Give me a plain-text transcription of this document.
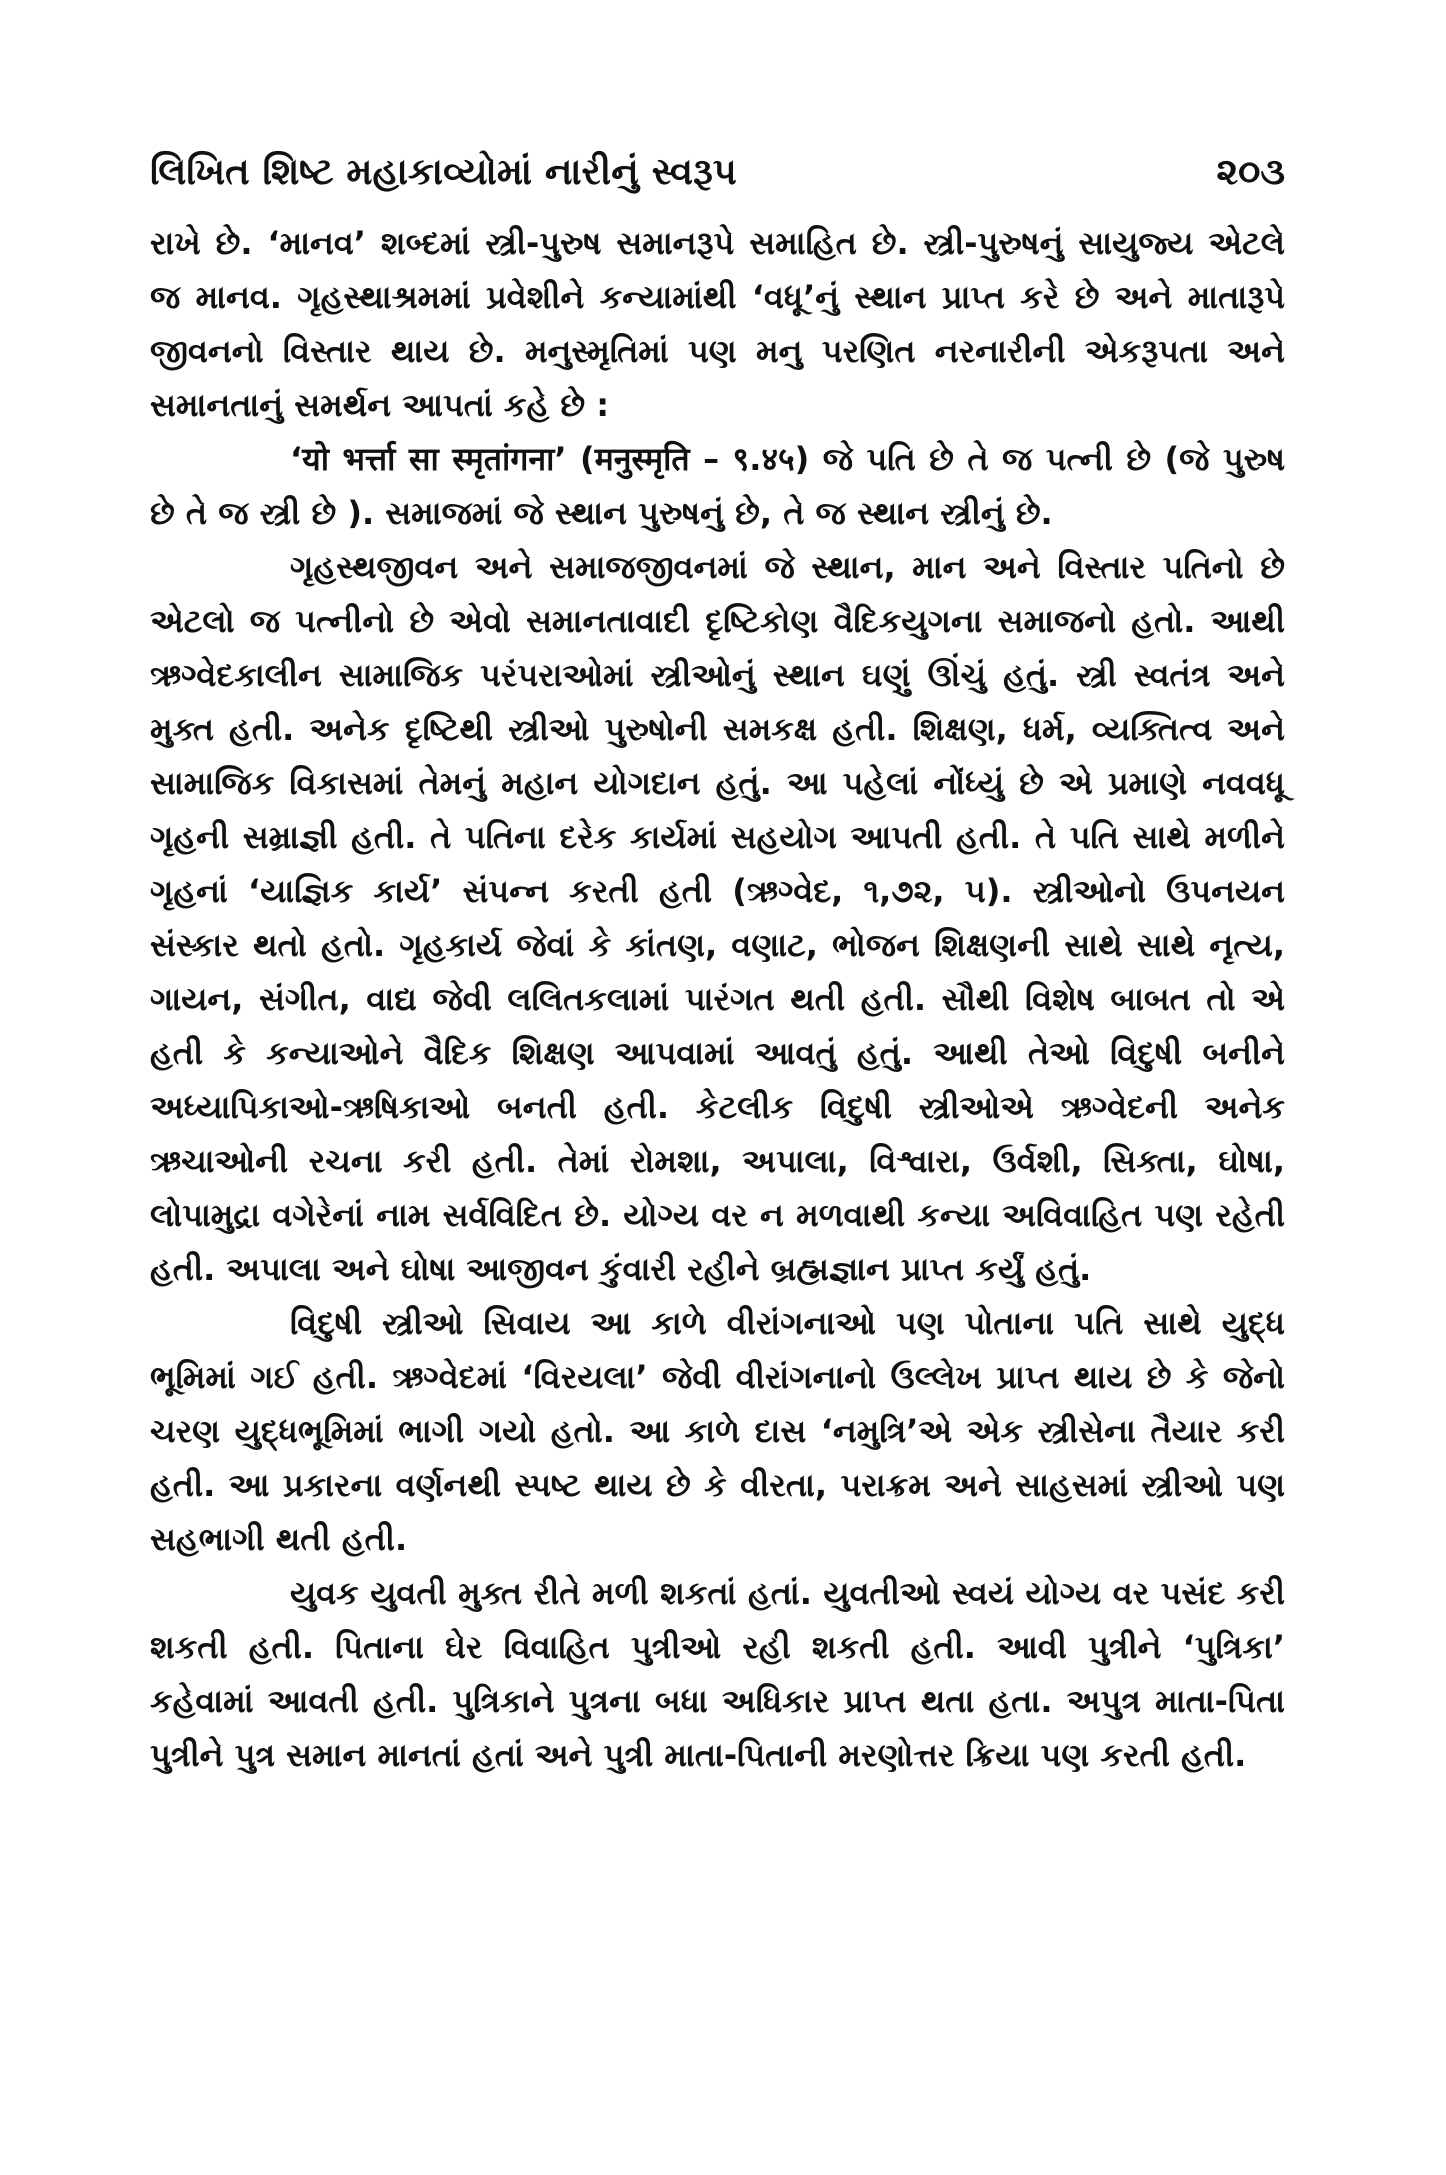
લિખિત શિષ્ટ મહાકાવ્યોમાં નારીનું સ્વરૂપ	૨૦૩

રાખે છે. ‘માનવ’ શબ્દમાં સ્ત્રી-પુરુષ સમાનરૂપે સમાહિત છે. સ્ત્રી-પુરુષનું સાયુજ્ય એટલે જ માનવ. ગૃહસ્થાશ્રમમાં પ્રવેશીને કન્યામાંથી ‘વધૂ’નું સ્થાન પ્રાપ્ત કરે છે અને માતારૂપે જીવનનો વિસ્તાર થાય છે. મનુસ્મૃતિમાં પણ મનુ પરણિત નરનારીની એકરૂપતા અને સમાનતાનું સમર્થન આપતાં કહે છે :

‘यो भर्त्ता सा स्मृतांगना’ (मनुस्मृति – ९.४५) જે પતિ છે તે જ પત્ની છે (જે પુરુષ છે તે જ સ્ત્રી છે ). સમાજમાં જે સ્થાન પુરુષનું છે, તે જ સ્થાન સ્ત્રીનું છે.

ગૃહસ્થજીવન અને સમાજજીવનમાં જે સ્થાન, માન અને વિસ્તાર પતિનો છે એટલો જ પત્નીનો છે એવો સમાનતાવાદી દૃષ્ટિકોણ વૈદિકયુગના સમાજનો હતો. આથી ઋગ્વેદકાલીન સામાજિક પરંપરાઓમાં સ્ત્રીઓનું સ્થાન ઘણું ઊંચું હતું. સ્ત્રી સ્વતંત્ર અને મુક્ત હતી. અનેક દૃષ્ટિથી સ્ત્રીઓ પુરુષોની સમકક્ષ હતી. શિક્ષણ, ધર્મ, વ્યક્તિત્વ અને સામાજિક વિકાસમાં તેમનું મહાન યોગદાન હતું. આ પહેલાં નોંધ્યું છે એ પ્રમાણે નવવધૂ ગૃહની સમ્રાજ્ઞી હતી. તે પતિના દરેક કાર્યમાં સહયોગ આપતી હતી. તે પતિ સાથે મળીને ગૃહનાં ‘યાજ્ઞિક કાર્ય’ સંપન્ન કરતી હતી (ઋગ્વેદ, ૧,૭૨, ૫). સ્ત્રીઓનો ઉપનયન સંસ્કાર થતો હતો. ગૃહકાર્ય જેવાં કે કાંતણ, વણાટ, ભોજન શિક્ષણની સાથે સાથે નૃત્ય, ગાયન, સંગીત, વાદ્ય જેવી લલિતકલામાં પારંગત થતી હતી. સૌથી વિશેષ બાબત તો એ હતી કે કન્યાઓને વૈદિક શિક્ષણ આપવામાં આવતું હતું. આથી તેઓ વિદુષી બનીને અધ્યાપિકાઓ-ઋષિકાઓ બનતી હતી. કેટલીક વિદુષી સ્ત્રીઓએ ઋગ્વેદની અનેક ઋચાઓની રચના કરી હતી. તેમાં રોમશા, અપાલા, વિશ્વારા, ઉર્વશી, સિક્તા, ઘોષા, લોપામુદ્રા વગેરેનાં નામ સર્વવિદિત છે. યોગ્ય વર ન મળવાથી કન્યા અવિવાહિત પણ રહેતી હતી. અપાલા અને ઘોષા આજીવન કુંવારી રહીને બ્રહ્મજ્ઞાન પ્રાપ્ત કર્યું હતું.

વિદુષી સ્ત્રીઓ સિવાય આ કાળે વીરાંગનાઓ પણ પોતાના પતિ સાથે યુદ્ધ ભૂમિમાં ગઈ હતી. ઋગ્વેદમાં ‘વિરયલા’ જેવી વીરાંગનાનો ઉલ્લેખ પ્રાપ્ત થાય છે કે જેનો ચરણ યુદ્ધભૂમિમાં ભાગી ગયો હતો. આ કાળે દાસ ‘નમુત્રિ’એ એક સ્ત્રીસેના તૈયાર કરી હતી. આ પ્રકારના વર્ણનથી સ્પષ્ટ થાય છે કે વીરતા, પરાક્રમ અને સાહસમાં સ્ત્રીઓ પણ સહભાગી થતી હતી.

યુવક યુવતી મુક્ત રીતે મળી શકતાં હતાં. યુવતીઓ સ્વયં યોગ્ય વર પસંદ કરી શકતી હતી. પિતાના ઘેર વિવાહિત પુત્રીઓ રહી શકતી હતી. આવી પુત્રીને ‘પુત્રિકા’ કહેવામાં આવતી હતી. પુત્રિકાને પુત્રના બધા અધિકાર પ્રાપ્ત થતા હતા. અપુત્ર માતા-પિતા પુત્રીને પુત્ર સમાન માનતાં હતાં અને પુત્રી માતા-પિતાની મરણોત્તર ક્રિયા પણ કરતી હતી.
